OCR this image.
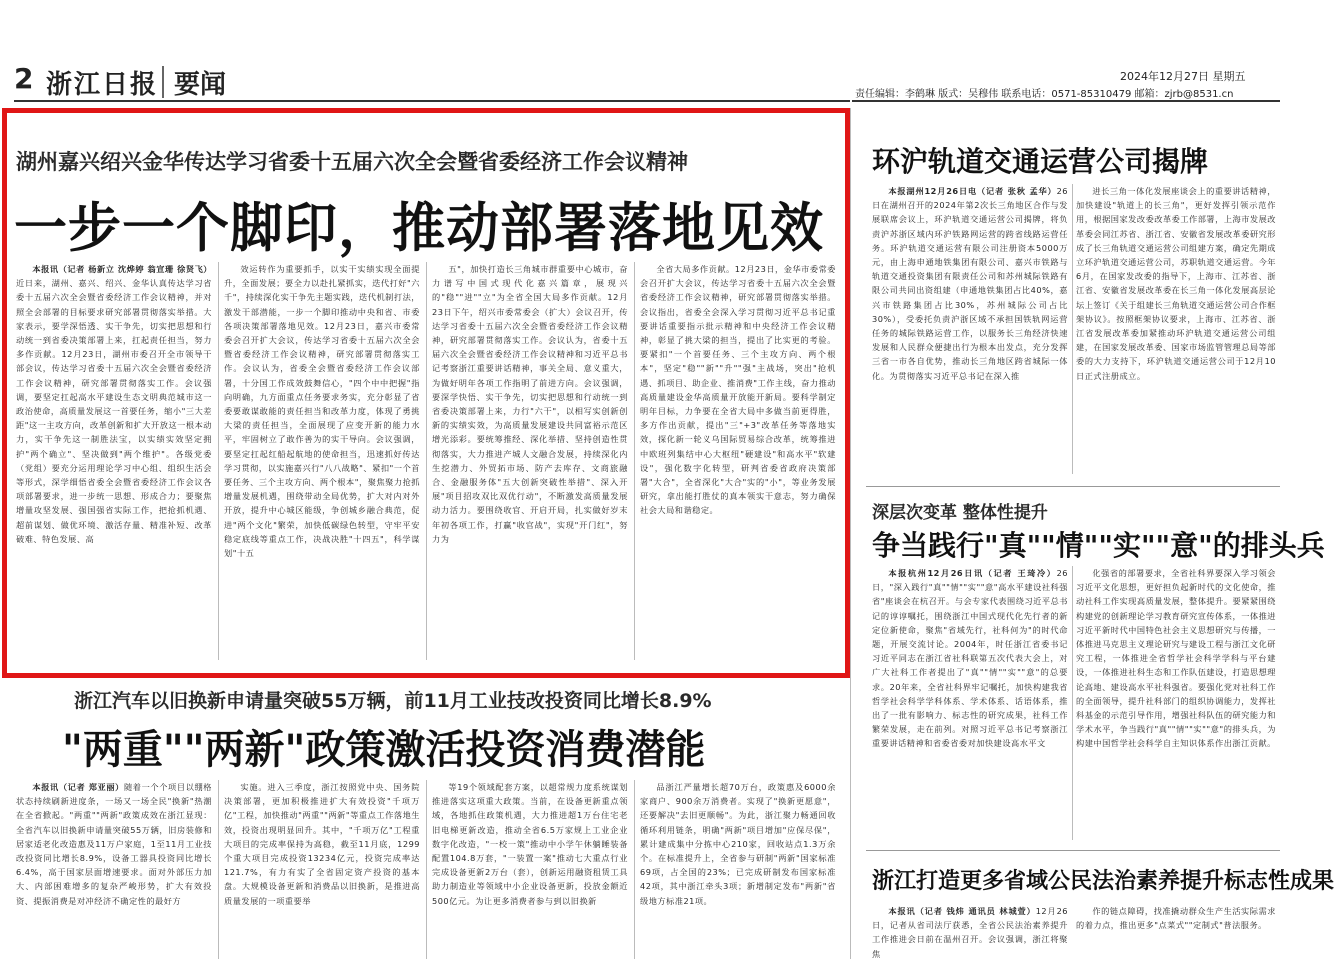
2 浙江日报 要闻	2024年12月27日 星期五
责任编辑：李鹤琳 版式：吴穆伟 联系电话：0571-85310479 邮箱：zjrb@8531.cn
湖州嘉兴绍兴金华传达学习省委十五届六次全会暨省委经济工作会议精神
一步一个脚印，推动部署落地见效

本报讯（记者 杨新立 沈烨婷 翁宣珊 徐贤飞）近日来，湖州、嘉兴、绍兴、金华认真传达学习省委十五届六次全会暨省委经济工作会议精神，并对照全会部署的目标要求研究部署贯彻落实举措。大家表示，要学深悟透、实干争先，切实把思想和行动统一到省委决策部署上来，扛起责任担当，努力多作贡献。12月23日，湖州市委召开全市领导干部会议，传达学习省委十五届六次全会暨省委经济工作会议精神，研究部署贯彻落实工作。会议强调，要坚定扛起高水平建设生态文明典范城市这一政治使命，高质量发展这一首要任务，缩小"三大差距"这一主攻方向，改革创新和扩大开放这一根本动力，实干争先这一制胜法宝，以实绩实效坚定拥护"两个确立"、坚决做到"两个维护"。各级党委（党组）要充分运用理论学习中心组、组织生活会等形式，深学细悟省委全会暨省委经济工作会议各项部署要求，进一步统一思想、形成合力；要聚焦增量攻坚发展、强国强省实际工作，把抢抓机遇、超前谋划、做优环境、激活存量、精准补短、改革破难、特色发展、高

效运转作为重要抓手，以实干实绩实现全面提升，全面发展；要全力以赴扎紧抓实，迭代打好"六千"，持续深化实干争先主题实践，迭代机制打法，激发干部潜能，一步一个脚印推动中央和省、市委各项决策部署落地见效。12月23日，嘉兴市委常委会召开扩大会议，传达学习省委十五届六次全会暨省委经济工作会议精神，研究部署贯彻落实工作。会议认为，省委全会暨省委经济工作会议部署，十分国工作成效鼓舞信心，"四个中中把握"指向明确，九方面重点任务要求务实，充分彰显了省委要敢谋敢能的责任担当和改革力度，体现了勇挑大梁的责任担当，全面展现了应变开新的能力水平，牢固树立了敢作善为的实干导向。会议强调，要坚定扛起红船起航地的使命担当，迅速抓好传达学习贯彻，以实施嘉兴行"八八战略"、紧扣"一个首要任务、三个主攻方向、两个根本"，聚焦聚力抢抓增量发展机遇，围绕带动全局优势，扩大对内对外开放，提升中心城区能级，争创城乡融合典范，促进"两个文化"繁荣，加快低碳绿色转型，守牢平安稳定底线等重点工作，决战决胜"十四五"，科学谋划"十五

五"，加快打造长三角城市群重要中心城市，奋力谱写中国式现代化嘉兴篇章，展现兴的"稳""进""立"为全省全国大局多作贡献。12月23日下午，绍兴市委常委会（扩大）会议召开，传达学习省委十五届六次全会暨省委经济工作会议精神，研究部署贯彻落实工作。会议认为，省委十五届六次全会暨省委经济工作会议精神和习近平总书记考察浙江重要讲话精神，事关全局、意义重大，为做好明年各项工作指明了前进方向。会议强调，要深学快悟、实干争先，切实把思想和行动统一到省委决策部署上来，力行"六干"，以相写实创新创新的实绩实效，为高质量发展建设共同富裕示范区增光添彩。要统筹推经、深化举措、坚持创造性贯彻落实，大力推进产城人文融合发展，持续深化内生挖潜力、外贸拓市场、防产去库存、文商旅融合、金融服务体"五大创新突破性举措"、深入开展"项目招攻双比双优行动"，不断激发高质量发展动力活力。要围绕收官、开启开局，扎实做好岁末年初各项工作，打赢"收官战"，实现"开门红"，努力为

全省大局多作贡献。12月23日，金华市委常委会召开扩大会议，传达学习省委十五届六次全会暨省委经济工作会议精神，研究部署贯彻落实举措。会议指出，省委全会深入学习贯彻习近平总书记重要讲话重要指示批示精神和中央经济工作会议精神，彰显了挑大梁的担当，提出了比实更的考验。要紧扣"一个首要任务、三个主攻方向、两个根本"，坚定"稳""新""升""强"主战场，突出"抢机遇、抓项目、助企业、推消费"工作主线，奋力推动高质量建设金华高质量开放能开新局。要科学制定明年目标，力争要在全省大局中多做当前更得胜，多方作出贡献，提出"三"+3"改革任务等落地实效，探化新一轮义乌国际贸易综合改革，统筹推进中欧班列集结中心大枢纽"硬建设"和高水平"软建设"，强化数字化转型，研判省委省政府决策部署"大合"，全省深化"大合"实的"小"，等业务发展研究，拿出能打胜仗的真本领实干意志，努力确保社会大局和谐稳定。

环沪轨道交通运营公司揭牌

本报湖州12月26日电（记者 张秋 孟华）26日在湖州召开的2024年第2次长三角地区合作与发展联席会议上，环沪轨道交通运营公司揭牌，将负责沪苏浙区域内环沪铁路网运营的跨省线路运营任务。环沪轨道交通运营有限公司注册资本5000万元，由上海申通地铁集团有限公司、嘉兴市铁路与轨道交通投资集团有限责任公司和苏州城际铁路有限公司共同出资组建（申通地铁集团占比40%，嘉兴市铁路集团占比30%，苏州城际公司占比30%），受委托负责沪浙区域不承担国铁轨网运营任务的城际铁路运营工作，以服务长三角经济快速发展和人民群众便捷出行为根本出发点，充分发挥三省一市各自优势，推动长三角地区跨省城际一体化。为贯彻落实习近平总书记在深入推

进长三角一体化发展座谈会上的重要讲话精神，加快建设"轨道上的长三角"，更好发挥引领示范作用，根据国家发改委改革委工作部署，上海市发展改革委会同江苏省、浙江省、安徽省发展改革委研究形成了长三角轨道交通运营公司组建方案，确定先期成立环沪轨道交通运营公司，苏职轨道交通运营。今年6月，在国家发改委的指导下，上海市、江苏省、浙江省、安徽省发展改革委在长三角一体化发展高层论坛上签订《关于组建长三角轨道交通运营公司合作框架协议》。按照框架协议要求，上海市、江苏省、浙江省发展改革委加紧推动环沪轨道交通运营公司组建，在国家发展改革委、国家市场监管管理总局等部委的大力支持下，环沪轨道交通运营公司于12月10日正式注册成立。

深层次变革 整体性提升
争当践行"真""情""实""意"的排头兵

本报杭州12月26日讯（记者 王琦冷）26日，"深入践行"真""情""实""意"高水平建设社科强省"座谈会在杭召开。与会专家代表围绕习近平总书记的谆谆嘱托，围绕浙江中国式现代化先行者的新定位新使命，聚焦"省域先行，社科何为"的时代命题，开展交流讨论。2004年，时任浙江省委书记习近平同志在浙江省社科联第五次代表大会上，对广大社科工作者提出了"真""情""实""意"的总要求。20年来，全省社科界牢记嘱托，加快构建我省哲学社会科学学科体系、学术体系、话语体系，推出了一批有影响力、标志性的研究成果，社科工作繁荣发展，走在前列。对照习近平总书记考察浙江重要讲话精神和省委省委对加快建设高水平文

化强省的部署要求，全省社科界要深入学习领会习近平文化思想，更好担负起新时代的文化使命，推动社科工作实现高质量发展，整体提升。要紧紧围绕构建党的创新理论学习教育研究宣传体系，一体推进习近平新时代中国特色社会主义思想研究与传播，一体推进马克思主义理论研究与建设工程与浙江文化研究工程，一体推进全省哲学社会科学学科与平台建设，一体推进社科生态和工作队伍建设，打造思想理论高地、建设高水平社科强省。要强化党对社科工作的全面领导，提升社科部门的组织协调能力，发挥社科基金的示范引导作用，增强社科队伍的研究能力和学术水平，争当践行"真""情""实""意"的排头兵，为构建中国哲学社会科学自主知识体系作出浙江贡献。

浙江打造更多省域公民法治素养提升标志性成果

本报讯（记者 钱炜 通讯员 林城萱）12月26日，记者从省司法厅获悉，全省公民法治素养提升工作推进会日前在温州召开。会议强调，浙江将聚焦

作的链点障碍，找准撬动群众生产生活实际需求的着力点，推出更多"点菜式""定制式"普法服务。

浙江汽车以旧换新申请量突破55万辆，前11月工业技改投资同比增长8.9%
"两重""两新"政策激活投资消费潜能

本报讯（记者 郑亚丽）随着一个个项目以绷格状态持续刷新进度条，一场又一场全民"换新"热潮在全省掀起。"两重""两新"政策成效在浙江显现：全省汽车以旧换新申请量突破55万辆，旧房装修和居家适老化改造惠及11万户家庭，1至11月工业技改投资同比增长8.9%，设备工器具投资同比增长6.4%，高于国家层面增速要求。面对外部压力加大、内部困难增多的复杂严峻形势，扩大有效投资、提振消费是对冲经济不确定性的最好方

实施。进入三季度，浙江按照党中央、国务院决策部署，更加积极推进扩大有效投资"千项万亿"工程，加快推动"两重""两新"等重点工作落地生效，投资出现明显回升。其中，"千项万亿"工程重大项目的完成率保持为高稳，截至11月底，1299个重大项目完成投资13234亿元，投资完成率达121.7%，有力有实了全省固定资产投资的基本盘。大规模设备更新和消费品以旧换新，是推进高质量发展的一项重要举

等19个领域配套方案，以超常规力度系统谋划推进落实这项重大政策。当前，在设备更新重点领域，各地抓住政策机遇，大力推进超1万台住宅老旧电梯更新改造，推动全省6.5万家规上工业企业数字化改造，"一校一策"推动中小学午休躺睡装备配置104.8万套，"一装置一案"推动七大重点行业完成设备更新2万台（套），创新运用融资租赁工具助力制造业等领域中小企业设备更新，投放金额近500亿元。为让更多消费者参与到以旧换新

品浙江严量增长超70万台，政策惠及6000余家商户、900余万消费者。实现了"换新更愿意"，还要解决"去旧更顺畅"。为此，浙江聚力畅通回收循环利用链条，明确"两新"项目增加"应保尽保"，累计建成集中分拣中心210家，回收站点1.3万余个。在标准提升上，全省参与研制"两新"国家标准69项，占全国的23%；已完成研制发布国家标准42项，其中浙江牵头3项；新增制定发布"两新"省级地方标准21项。
